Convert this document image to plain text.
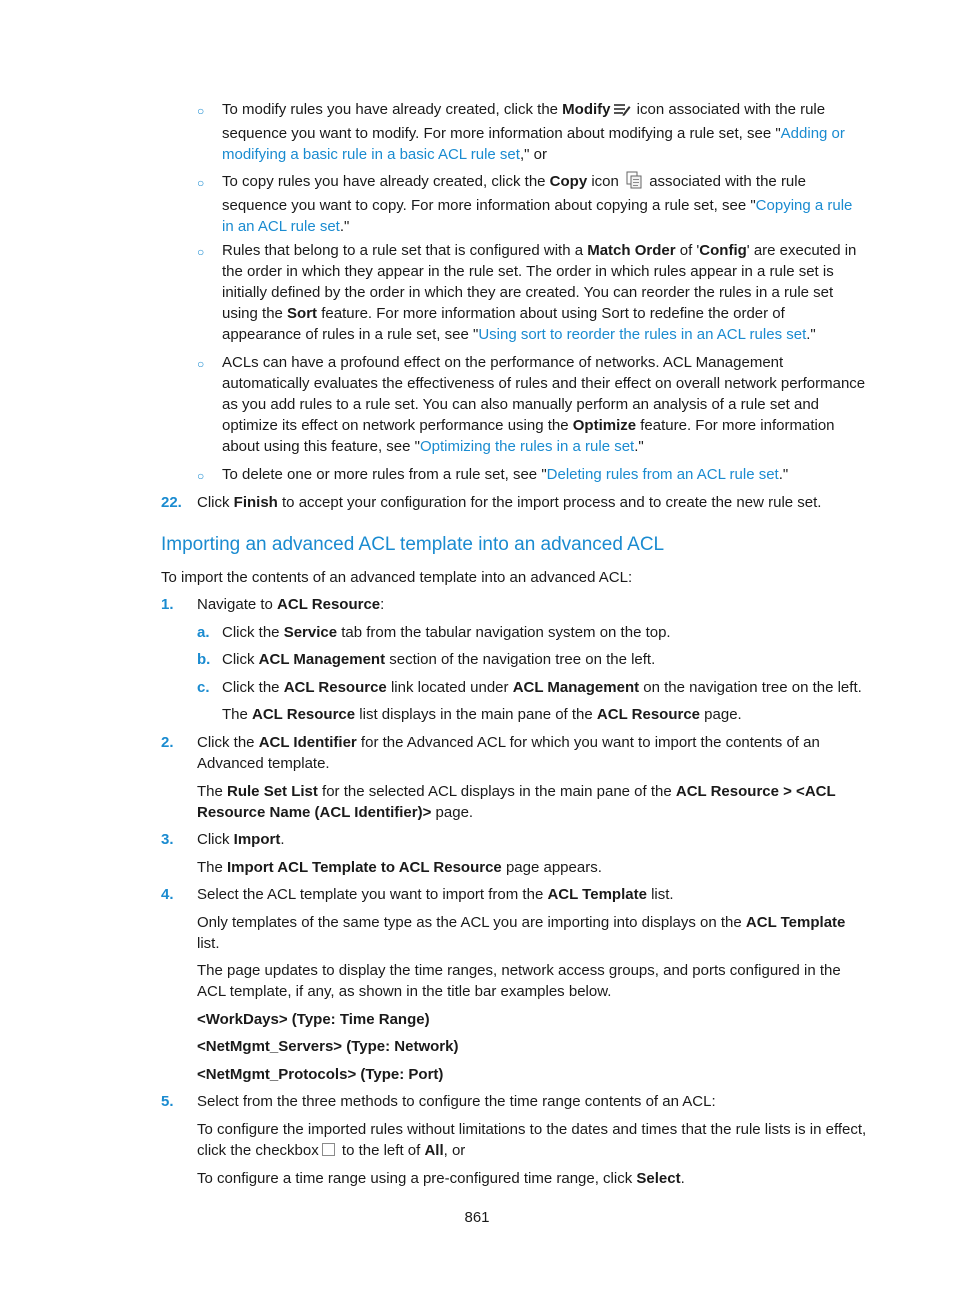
○ To modify rules you have already created, click the Modify icon associated with the rule sequence you want to modify. For more information about modifying a rule set, see "Adding or modifying a basic rule in a basic ACL rule set," or

○ To copy rules you have already created, click the Copy icon  associated with the rule sequence you want to copy. For more information about copying a rule set, see "Copying a rule in an ACL rule set."

○ Rules that belong to a rule set that is configured with a Match Order of 'Config' are executed in the order in which they appear in the rule set. The order in which rules appear in a rule set is initially defined by the order in which they are created. You can reorder the rules in a rule set using the Sort feature. For more information about using Sort to redefine the order of appearance of rules in a rule set, see "Using sort to reorder the rules in an ACL rules set."

○ ACLs can have a profound effect on the performance of networks. ACL Management automatically evaluates the effectiveness of rules and their effect on overall network performance as you add rules to a rule set. You can also manually perform an analysis of a rule set and optimize its effect on network performance using the Optimize feature. For more information about using this feature, see "Optimizing the rules in a rule set."

○ To delete one or more rules from a rule set, see "Deleting rules from an ACL rule set."

22. Click Finish to accept your configuration for the import process and to create the new rule set.

Importing an advanced ACL template into an advanced ACL

To import the contents of an advanced template into an advanced ACL:

1. Navigate to ACL Resource:

a. Click the Service tab from the tabular navigation system on the top.

b. Click ACL Management section of the navigation tree on the left.

c. Click the ACL Resource link located under ACL Management on the navigation tree on the left.

The ACL Resource list displays in the main pane of the ACL Resource page.

2. Click the ACL Identifier for the Advanced ACL for which you want to import the contents of an Advanced template.

The Rule Set List for the selected ACL displays in the main pane of the ACL Resource > <ACL Resource Name (ACL Identifier)> page.

3. Click Import.

The Import ACL Template to ACL Resource page appears.

4. Select the ACL template you want to import from the ACL Template list.

Only templates of the same type as the ACL you are importing into displays on the ACL Template list.

The page updates to display the time ranges, network access groups, and ports configured in the ACL template, if any, as shown in the title bar examples below.

<WorkDays> (Type: Time Range)

<NetMgmt_Servers> (Type: Network)

<NetMgmt_Protocols> (Type: Port)

5. Select from the three methods to configure the time range contents of an ACL:

To configure the imported rules without limitations to the dates and times that the rule lists is in effect, click the checkbox to the left of All, or

To configure a time range using a pre-configured time range, click Select.

861
